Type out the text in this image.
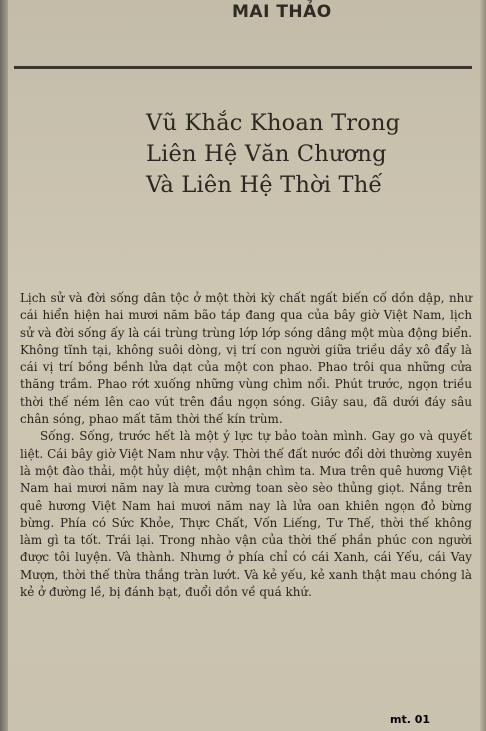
MAI THẢO
Vũ Khắc Khoan Trong
Liên Hệ Văn Chương
Và Liên Hệ Thời Thế

Lịch sử và đời sống dân tộc ở một thời kỳ chất ngất biến cố dồn dập, như cái hiển hiện hai mươi năm bão táp đang qua của bây giờ Việt Nam, lịch sử và đời sống ấy là cái trùng trùng lớp lớp sóng dâng một mùa động biển. Không tĩnh tại, không suôi dòng, vị trí con người giữa triều dầy xô đẩy là cái vị trí bồng bềnh lửa dạt của một con phao. Phao trôi qua những cửa thăng trầm. Phao rớt xuống những vùng chìm nổi. Phút trước, ngọn triều thời thế ném lên cao vút trên đầu ngọn sóng. Giây sau, đã dưới đáy sâu chân sóng, phao mất tăm thời thế kín trùm.

Sống. Sống, trước hết là một ý lực tự bảo toàn mình. Gay go và quyết liệt. Cái bây giờ Việt Nam như vậy. Thời thế đất nước đổi dời thường xuyên là một đào thải, một hủy diệt, một nhận chìm ta. Mưa trên quê hương Việt Nam hai mươi năm nay là mưa cường toan sèo sèo thủng giọt. Nắng trên quê hương Việt Nam hai mươi năm nay là lửa oan khiên ngọn đỏ bừng bừng. Phía có Sức Khỏe, Thực Chất, Vốn Liếng, Tư Thế, thời thế không làm gì ta tốt. Trái lại. Trong nhào vận của thời thế phần phúc con người được tôi luyện. Và thành. Nhưng ở phía chỉ có cái Xanh, cái Yếu, cái Vay Mượn, thời thế thừa thắng tràn lướt. Và kẻ yếu, kẻ xanh thật mau chóng là kẻ ở đường lề, bị đánh bạt, đuổi dồn về quá khứ.

mt. 01
